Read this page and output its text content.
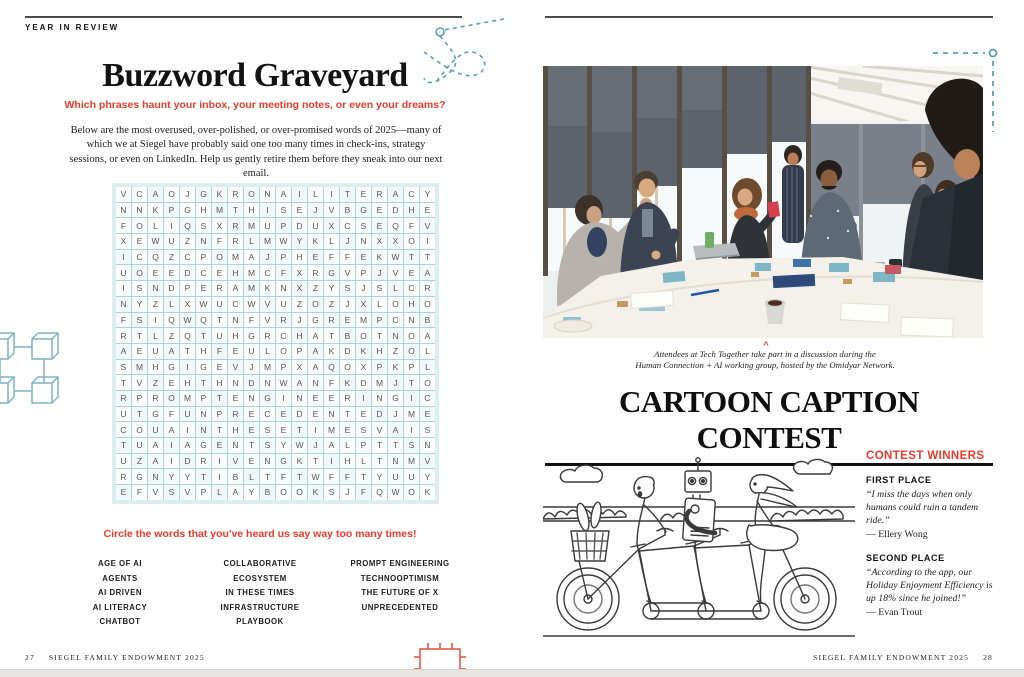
YEAR IN REVIEW
Buzzword Graveyard
Which phrases haunt your inbox, your meeting notes, or even your dreams?
Below are the most overused, over-polished, or over-promised words of 2025—many of which we at Siegel have probably said one too many times in check-ins, strategy sessions, or even on LinkedIn. Help us gently retire them before they sneak into our next email.
V	C	A	O	J	G	K	R	O	N	A	I	L	I	T	E	R	A	C	Y
N	N	K	P	G	H	M	T	H	I	S	E	J	V	B	G	E	D	H	E
F	O	L	I	Q	S	X	R	M	U	P	D	U	X	C	S	E	Q	F	V
X	E	W	U	Z	N	F	R	L	M W	Y	K	L	J	N	X	X	O	I
I	C	Q	Z	C	P	O	M	A	J	P	H	E	F	F	E	K	W	T	T
U	O	E	E	D	C	E	H	M	C	F	X	R	G	V	P	J	V	E	A
I	S	N	D	P	E	R	A	M	K	N	X	Z	Y	S	J	S	L	C	R
N	Y	Z	L	X	W	U	C	W	V	U	Z	O	Z	J	X	L	O	H	O
F	S	I	Q	W	Q	T	N	F	V	R	J	G	R	E	M	P	C	N	B
R	T	L	Z	Q	T	U	H	G	R	C	H	A	T	B	O	T	N	O	A
A	E	U	A	T	H	F	E	U	L	O	P	A	K	D	K	H	Z	O	L
S	M	H	G	I	G	E	V	J	M	P	X	A	Q	O	X	P	K	P	L
T	V	Z	E	H	T	H	N	D	N	W	A	N	F	K	D	M	J	T	O
R	P	R	O	M	P	T	E	N	G	I	N	E	E	R	I	N	G	I	C
U	T	G	F	U	N	P	R	E	C	E	D	E	N	T	E	D	J	M	E
C	O	U	A	I	N	T	H	E	S	E	T	I	M	E	S	V	A	I	S
T	U	A	I	A	G	E	N	T	S	Y	W	J	A	L	P	T	T	S	N
U	Z	A	I	D	R	I	V	E	N	G	K	T	I	H	L	T	N	M	V
R	G	N	Y	Y	T	I	B	L	T	F	T	W	F	F	T	Y	U	U	Y
E	F	V	S	V	P	L	A	Y	B	O	O	K	S	J	F	Q	W	O	K
Circle the words that you've heard us say way too many times!
AGE OF AI
AGENTS
AI DRIVEN
AI LITERACY
CHATBOT
COLLABORATIVE
ECOSYSTEM
IN THESE TIMES
INFRASTRUCTURE
PLAYBOOK
PROMPT ENGINEERING
TECHNOOPTIMISM
THE FUTURE OF X
UNPRECEDENTED
27 SIEGEL FAMILY ENDOWMENT 2025
^
Attendees at Tech Together take part in a discussion during the
Human Connection + AI working group, hosted by the Omidyar Network.
CARTOON CAPTION CONTEST
CONTEST WINNERS
FIRST PLACE
“I miss the days when only humans could ruin a tandem ride.”
— Ellery Wong
SECOND PLACE
“According to the app, our Holiday Enjoyment Efficiency is up 18% since he joined!”
— Evan Trout
SIEGEL FAMILY ENDOWMENT 2025 28
